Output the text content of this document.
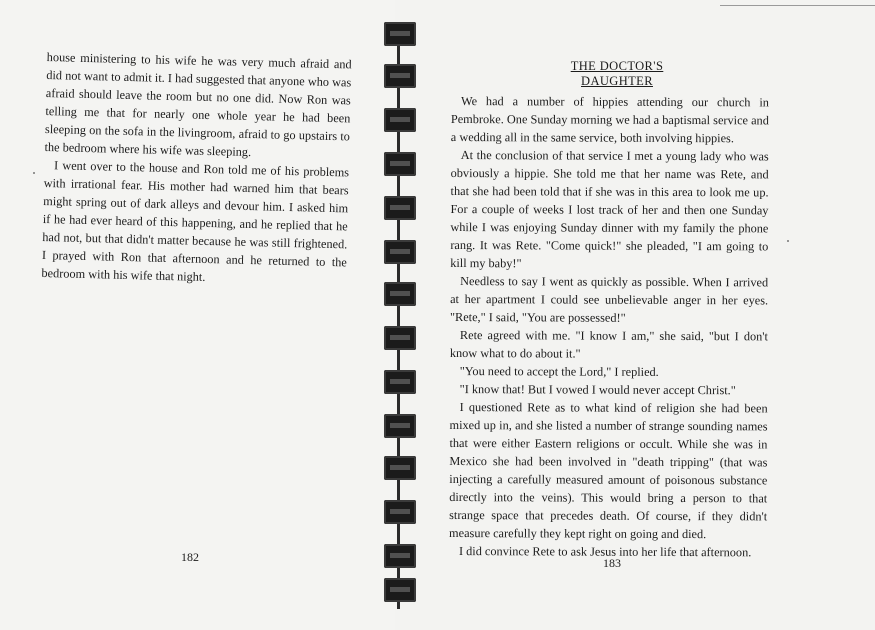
house ministering to his wife he was very much afraid and did not want to admit it. I had suggested that anyone who was afraid should leave the room but no one did. Now Ron was telling me that for nearly one whole year he had been sleeping on the sofa in the livingroom, afraid to go upstairs to the bedroom where his wife was sleeping.

I went over to the house and Ron told me of his problems with irrational fear. His mother had warned him that bears might spring out of dark alleys and devour him. I asked him if he had ever heard of this happening, and he replied that he had not, but that didn't matter because he was still frightened. I prayed with Ron that afternoon and he returned to the bedroom with his wife that night.

182
THE DOCTOR'S DAUGHTER

We had a number of hippies attending our church in Pembroke. One Sunday morning we had a baptismal service and a wedding all in the same service, both involving hippies.

At the conclusion of that service I met a young lady who was obviously a hippie. She told me that her name was Rete, and that she had been told that if she was in this area to look me up. For a couple of weeks I lost track of her and then one Sunday while I was enjoying Sunday dinner with my family the phone rang. It was Rete. "Come quick!" she pleaded, "I am going to kill my baby!"

Needless to say I went as quickly as possible. When I arrived at her apartment I could see unbelievable anger in her eyes. "Rete," I said, "You are possessed!"

Rete agreed with me. "I know I am," she said, "but I don't know what to do about it."

"You need to accept the Lord," I replied.

"I know that! But I vowed I would never accept Christ."

I questioned Rete as to what kind of religion she had been mixed up in, and she listed a number of strange sounding names that were either Eastern religions or occult. While she was in Mexico she had been involved in "death tripping" (that was injecting a carefully measured amount of poisonous substance directly into the veins). This would bring a person to that strange space that precedes death. Of course, if they didn't measure carefully they kept right on going and died.

I did convince Rete to ask Jesus into her life that afternoon.

183
